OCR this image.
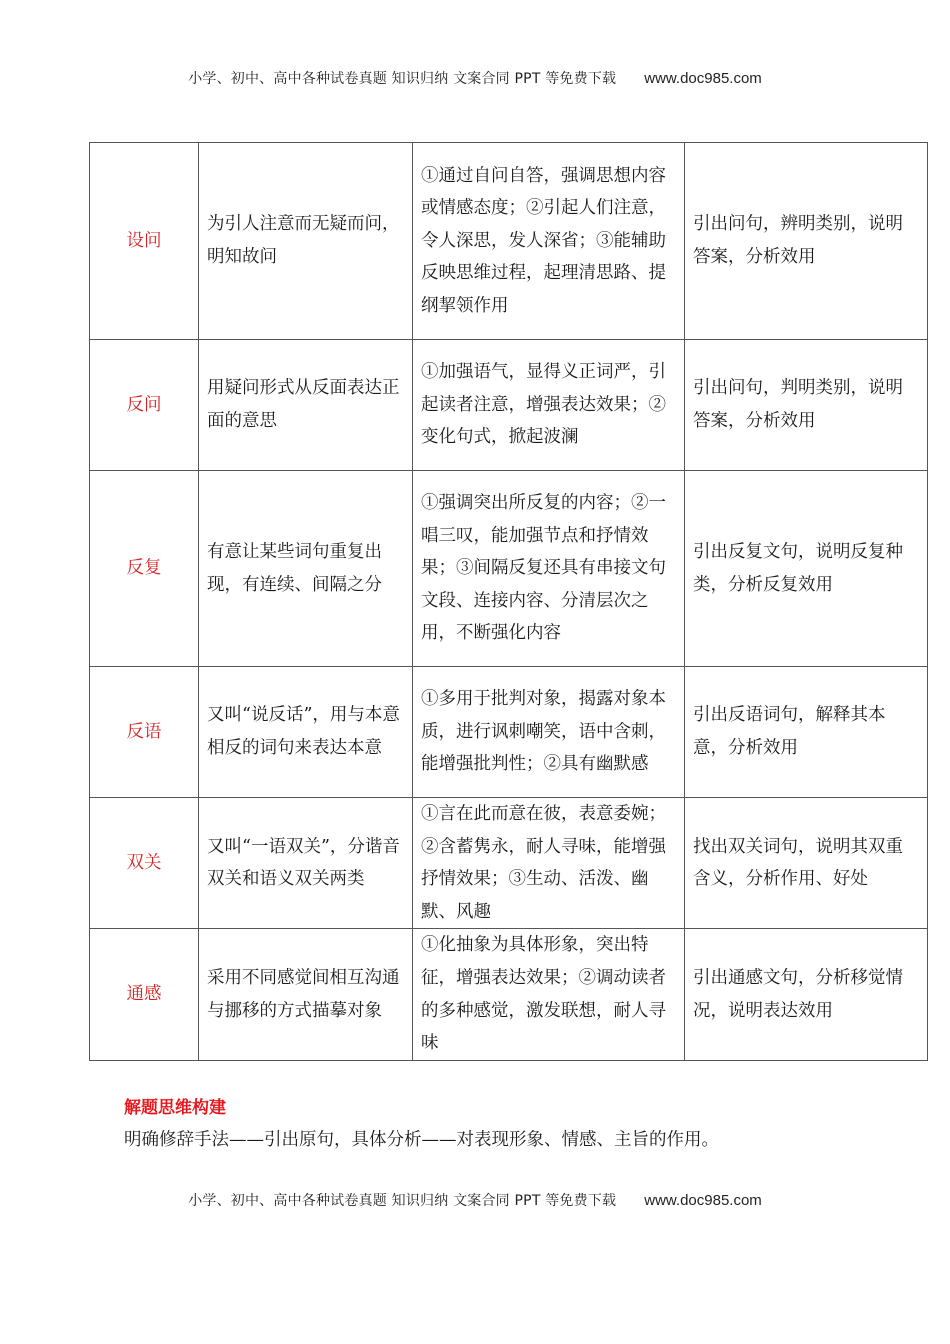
小学、初中、高中各种试卷真题 知识归纳 文案合同 PPT 等免费下载 www.doc985.com
设问	为引人注意而无疑而问，明知故问	①通过自问自答，强调思想内容或情感态度；②引起人们注意，令人深思，发人深省；③能辅助反映思维过程，起理清思路、提纲挈领作用	引出问句，辨明类别，说明答案，分析效用
反问	用疑问形式从反面表达正面的意思	①加强语气，显得义正词严，引起读者注意，增强表达效果；②变化句式，掀起波澜	引出问句，判明类别，说明答案，分析效用
反复	有意让某些词句重复出现，有连续、间隔之分	①强调突出所反复的内容；②一唱三叹，能加强节点和抒情效果；③间隔反复还具有串接文句文段、连接内容、分清层次之用，不断强化内容	引出反复文句，说明反复种类，分析反复效用
反语	又叫“说反话”，用与本意相反的词句来表达本意	①多用于批判对象，揭露对象本质，进行讽刺嘲笑，语中含刺，能增强批判性；②具有幽默感	引出反语词句，解释其本意，分析效用
双关	又叫“一语双关”，分谐音双关和语义双关两类	①言在此而意在彼，表意委婉；②含蓄隽永，耐人寻味，能增强抒情效果；③生动、活泼、幽默、风趣	找出双关词句，说明其双重含义，分析作用、好处
通感	采用不同感觉间相互沟通与挪移的方式描摹对象	①化抽象为具体形象，突出特征，增强表达效果；②调动读者的多种感觉，激发联想，耐人寻味	引出通感文句，分析移觉情况，说明表达效用
解题思维构建
明确修辞手法——引出原句，具体分析——对表现形象、情感、主旨的作用。
小学、初中、高中各种试卷真题 知识归纳 文案合同 PPT 等免费下载 www.doc985.com
